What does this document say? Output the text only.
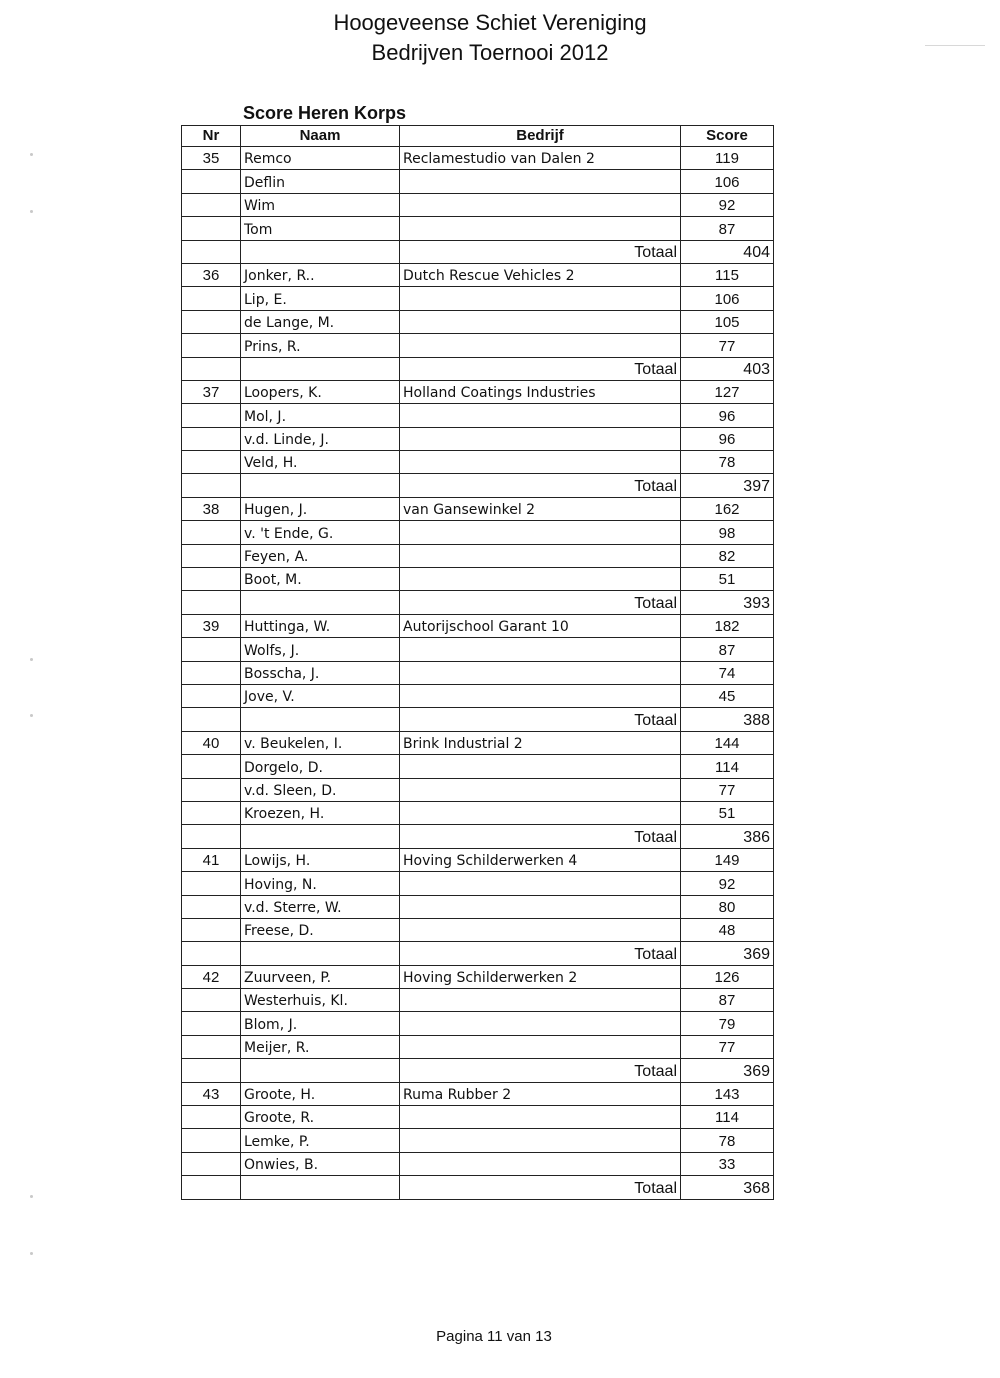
Hoogeveense Schiet Vereniging
Bedrijven Toernooi 2012
Score Heren Korps
Nr	Naam	Bedrijf	Score
35	Remco	Reclamestudio van Dalen 2	119
	Deflin		106
	Wim		92
	Tom		87
		Totaal	404
36	Jonker, R..	Dutch Rescue Vehicles 2	115
	Lip, E.		106
	de Lange, M.		105
	Prins, R.		77
		Totaal	403
37	Loopers, K.	Holland Coatings Industries	127
	Mol, J.		96
	v.d. Linde, J.		96
	Veld, H.		78
		Totaal	397
38	Hugen, J.	van Gansewinkel 2	162
	v. 't Ende, G.		98
	Feyen, A.		82
	Boot, M.		51
		Totaal	393
39	Huttinga, W.	Autorijschool Garant 10	182
	Wolfs, J.		87
	Bosscha, J.		74
	Jove, V.		45
		Totaal	388
40	v. Beukelen, I.	Brink Industrial 2	144
	Dorgelo, D.		114
	v.d. Sleen, D.		77
	Kroezen, H.		51
		Totaal	386
41	Lowijs, H.	Hoving Schilderwerken 4	149
	Hoving, N.		92
	v.d. Sterre, W.		80
	Freese, D.		48
		Totaal	369
42	Zuurveen, P.	Hoving Schilderwerken 2	126
	Westerhuis, Kl.		87
	Blom, J.		79
	Meijer, R.		77
		Totaal	369
43	Groote, H.	Ruma Rubber 2	143
	Groote, R.		114
	Lemke, P.		78
	Onwies, B.		33
		Totaal	368
Pagina 11 van 13
